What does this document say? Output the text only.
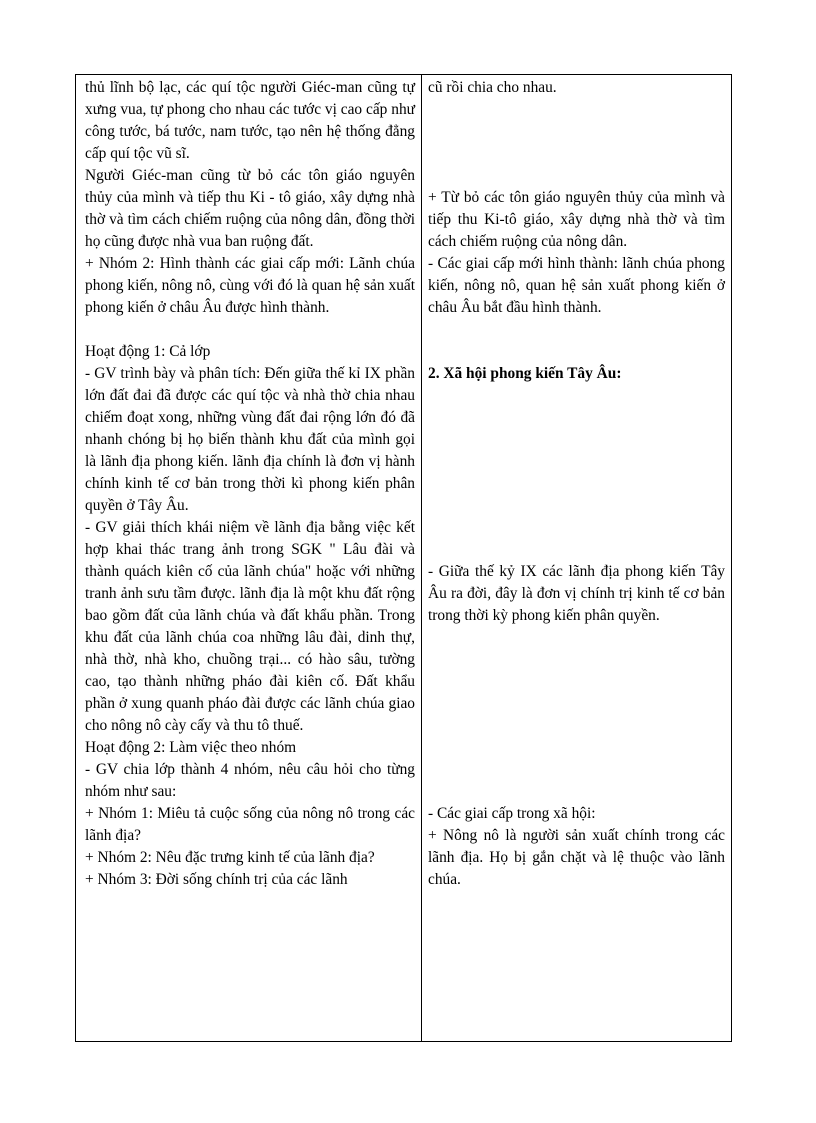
thủ lĩnh bộ lạc, các quí tộc người Giéc-man cũng tự xưng vua, tự phong cho nhau các tước vị cao cấp như công tước, bá tước, nam tước, tạo nên hệ thống đẳng cấp quí tộc vũ sĩ.

Người Giéc-man cũng từ bỏ các tôn giáo nguyên thủy của mình và tiếp thu Ki - tô giáo, xây dựng nhà thờ và tìm cách chiếm ruộng của nông dân, đồng thời họ cũng được nhà vua ban ruộng đất.

+ Nhóm 2: Hình thành các giai cấp mới: Lãnh chúa phong kiến, nông nô, cùng với đó là quan hệ sản xuất phong kiến ở châu Âu được hình thành.

Hoạt động 1: Cả lớp

- GV trình bày và phân tích: Đến giữa thế kỉ IX phần lớn đất đai đã được các quí tộc và nhà thờ chia nhau chiếm đoạt xong, những vùng đất đai rộng lớn đó đã nhanh chóng bị họ biến thành khu đất của mình gọi là lãnh địa phong kiến. lãnh địa chính là đơn vị hành chính kinh tế cơ bản trong thời kì phong kiến phân quyền ở Tây Âu.

- GV giải thích khái niệm về lãnh địa bằng việc kết hợp khai thác trang ảnh trong SGK " Lâu đài và thành quách kiên cố của lãnh chúa" hoặc với những tranh ảnh sưu tầm được. lãnh địa là một khu đất rộng bao gồm đất của lãnh chúa và đất khẩu phần. Trong khu đất của lãnh chúa coa những lâu đài, dinh thự, nhà thờ, nhà kho, chuồng trại... có hào sâu, tường cao, tạo thành những pháo đài kiên cố. Đất khẩu phần ở xung quanh pháo đài được các lãnh chúa giao cho nông nô cày cấy và thu tô thuế.

Hoạt động 2: Làm việc theo nhóm

- GV chia lớp thành 4 nhóm, nêu câu hỏi cho từng nhóm như sau:

+ Nhóm 1: Miêu tả cuộc sống của nông nô trong các lãnh địa?

+ Nhóm 2: Nêu đặc trưng kinh tế của lãnh địa?

+ Nhóm 3: Đời sống chính trị của các lãnh

cũ rồi chia cho nhau.

+ Từ bỏ các tôn giáo nguyên thủy của mình và tiếp thu Ki-tô giáo, xây dựng nhà thờ và tìm cách chiếm ruộng của nông dân.

- Các giai cấp mới hình thành: lãnh chúa phong kiến, nông nô, quan hệ sản xuất phong kiến ở châu Âu bắt đầu hình thành.

2. Xã hội phong kiến Tây Âu:

- Giữa thế kỷ IX các lãnh địa phong kiến Tây Âu ra đời, đây là đơn vị chính trị kinh tế cơ bản trong thời kỳ phong kiến phân quyền.

- Các giai cấp trong xã hội:

+ Nông nô là người sản xuất chính trong các lãnh địa. Họ bị gắn chặt và lệ thuộc vào lãnh chúa.
